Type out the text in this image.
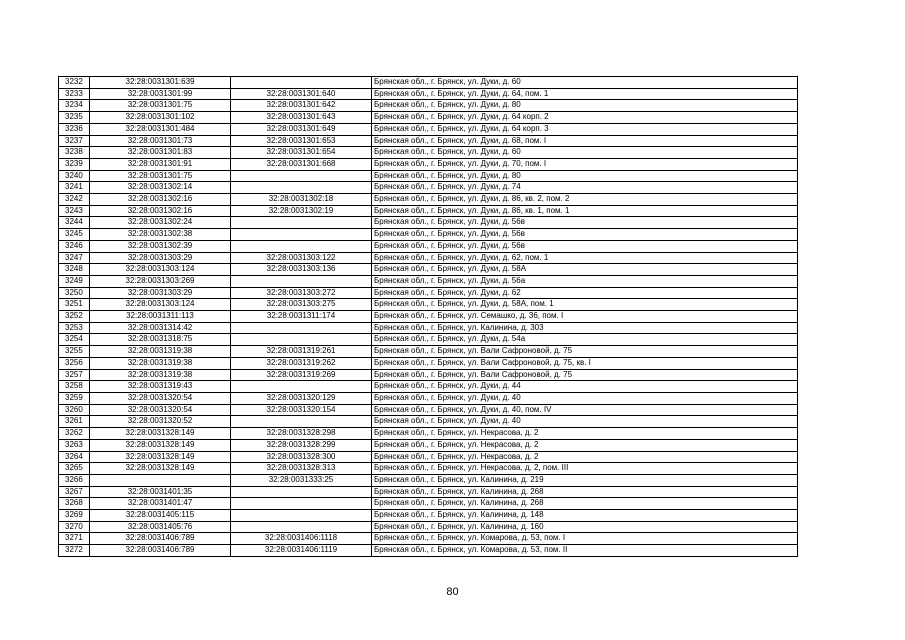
3232	32:28:0031301:639		Брянская обл., г. Брянск, ул. Дуки, д. 60
3233	32:28:0031301:99	32:28:0031301:640	Брянская обл., г. Брянск, ул. Дуки, д. 64, пом. 1
3234	32:28:0031301:75	32:28:0031301:642	Брянская обл., г. Брянск, ул. Дуки, д. 80
3235	32:28:0031301:102	32:28:0031301:643	Брянская обл., г. Брянск, ул. Дуки, д. 64 корп. 2
3236	32:28:0031301:484	32:28:0031301:649	Брянская обл., г. Брянск, ул. Дуки, д. 64 корп. 3
3237	32:28:0031301:73	32:28:0031301:653	Брянская обл., г. Брянск, ул. Дуки, д. 68, пом. I
3238	32:28:0031301:83	32:28:0031301:654	Брянская обл., г. Брянск, ул. Дуки, д. 60
3239	32:28:0031301:91	32:28:0031301:668	Брянская обл., г. Брянск, ул. Дуки, д. 70, пом. I
3240	32:28:0031301:75		Брянская обл., г. Брянск, ул. Дуки, д. 80
3241	32:28:0031302:14		Брянская обл., г. Брянск, ул. Дуки, д. 74
3242	32:28:0031302:16	32:28:0031302:18	Брянская обл., г. Брянск, ул. Дуки, д. 86, кв. 2, пом. 2
3243	32:28:0031302:16	32:28:0031302:19	Брянская обл., г. Брянск, ул. Дуки, д. 86, кв. 1, пом. 1
3244	32:28:0031302:24		Брянская обл., г. Брянск, ул. Дуки, д. 56в
3245	32:28:0031302:38		Брянская обл., г. Брянск, ул. Дуки, д. 56в
3246	32:28:0031302:39		Брянская обл., г. Брянск, ул. Дуки, д. 56в
3247	32:28:0031303:29	32:28:0031303:122	Брянская обл., г. Брянск, ул. Дуки, д. 62, пом. 1
3248	32:28:0031303:124	32:28:0031303:136	Брянская обл., г. Брянск, ул. Дуки, д. 58А
3249	32:28:0031303:269		Брянская обл., г. Брянск, ул. Дуки, д. 56а
3250	32:28:0031303:29	32:28:0031303:272	Брянская обл., г. Брянск, ул. Дуки, д. 62
3251	32:28:0031303:124	32:28:0031303:275	Брянская обл., г. Брянск, ул. Дуки, д. 58А, пом. 1
3252	32:28:0031311:113	32:28:0031311:174	Брянская обл., г. Брянск, ул. Семашко, д. 36, пом. I
3253	32:28:0031314:42		Брянская обл., г. Брянск, ул. Калинина, д. 303
3254	32:28:0031318:75		Брянская обл., г. Брянск, ул. Дуки, д. 54а
3255	32:28:0031319:38	32:28:0031319:261	Брянская обл., г. Брянск, ул. Вали Сафроновой, д. 75
3256	32:28:0031319:38	32:28:0031319:262	Брянская обл., г. Брянск, ул. Вали Сафроновой, д. 75, кв. I
3257	32:28:0031319:38	32:28:0031319:269	Брянская обл., г. Брянск, ул. Вали Сафроновой, д. 75
3258	32:28:0031319:43		Брянская обл., г. Брянск, ул. Дуки, д. 44
3259	32:28:0031320:54	32:28:0031320:129	Брянская обл., г. Брянск, ул. Дуки, д. 40
3260	32:28:0031320:54	32:28:0031320:154	Брянская обл., г. Брянск, ул. Дуки, д. 40, пом. IV
3261	32:28:0031320:52		Брянская обл., г. Брянск, ул. Дуки, д. 40
3262	32:28:0031328:149	32:28:0031328:298	Брянская обл., г. Брянск, ул. Некрасова, д. 2
3263	32:28:0031328:149	32:28:0031328:299	Брянская обл., г. Брянск, ул. Некрасова, д. 2
3264	32:28:0031328:149	32:28:0031328:300	Брянская обл., г. Брянск, ул. Некрасова, д. 2
3265	32:28:0031328:149	32:28:0031328:313	Брянская обл., г. Брянск, ул. Некрасова, д. 2, пом. III
3266		32:28:0031333:25	Брянская обл., г. Брянск, ул. Калинина, д. 219
3267	32:28:0031401:35		Брянская обл., г. Брянск, ул. Калинина, д. 268
3268	32:28:0031401:47		Брянская обл., г. Брянск, ул. Калинина, д. 268
3269	32:28:0031405:115		Брянская обл., г. Брянск, ул. Калинина, д. 148
3270	32:28:0031405:76		Брянская обл., г. Брянск, ул. Калинина, д. 160
3271	32:28:0031406:789	32:28:0031406:1118	Брянская обл., г. Брянск, ул. Комарова, д. 53, пом. I
3272	32:28:0031406:789	32:28:0031406:1119	Брянская обл., г. Брянск, ул. Комарова, д. 53, пом. II
80
